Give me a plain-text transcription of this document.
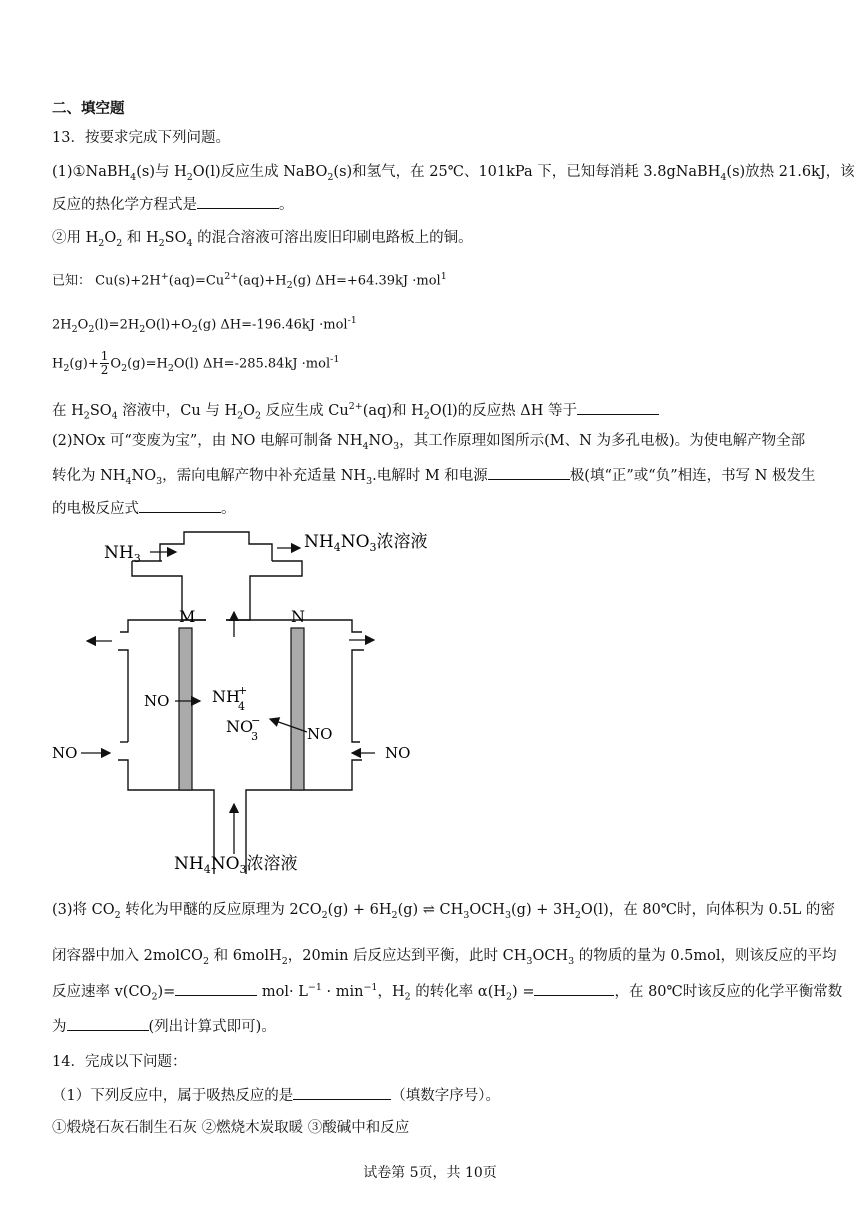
二、填空题
13．按要求完成下列问题。
(1)①NaBH$_4$(s)与 $H_2O(l)$反应生成 NaBO$_2$(s)和氢气，在 25℃、101kPa 下，已知每消耗 3.8gNaBH$_4$(s)放热 21.6kJ，该
反应的热化学方程式是	。
②用 $H_2O_2$ 和 $H_2SO_4$ 的混合溶液可溶出废旧印刷电路板上的铜。
已知： $Cu(s)+2H^+(aq)=Cu^{2+}(aq)+H_2(g)$ ΔH=+64.39kJ ·mol$^1$
$2H_2O_2(l)=2H_2O(l)+O_2(g)$ ΔH=-196.46kJ ·mol$^{-1}$
$H_2(g)+ \frac{1}{2} O_2(g)=H_2O(l)$ ΔH=-285.84kJ ·mol$^{-1}$
在 $H_2SO_4$ 溶液中，Cu 与 $H_2O_2$ 反应生成 $Cu^{2+}(aq)$和 $H_2O(l)$的反应热 ΔH 等于
(2)NOx 可“变废为宝”，由 NO 电解可制备 $NH_4NO_3$，其工作原理如图所示(M、N 为多孔电极)。为使电解产物全部
转化为 $NH_4NO_3$，需向电解产物中补充适量 $NH_3$.电解时 M 和电源	极(填“正”或“负”相连，书写 N 极发生
的电极反应式	。
$NH_3$
$NH_4NO_3$浓溶液
M	N
NO	NH 4+
NO 3−
NO
NO	NO
$NH_4NO_3$浓溶液
(3)将 $CO_2$ 转化为甲醚的反应原理为 $2CO_2(g) + 6H_2(g)$ ⇌ $CH_3OCH_3(g) + 3H_2O(l)$，在 80℃时，向体积为 0.5L 的密
闭容器中加入 2molCO$_2$ 和 6molH$_2$，20min 后反应达到平衡，此时 $CH_3OCH_3$ 的物质的量为 0.5mol，则该反应的平均
反应速率 $v(CO_2)=$	$mol\cdot L^{-1} \cdot \min^{-1}$，$H_2$ 的转化率 $\alpha(H_2)$ =	，在 80℃时该反应的化学平衡常数
为	(列出计算式即可)。
14．完成以下问题：
（1）下列反应中，属于吸热反应的是	（填数字序号）。
①煅烧石灰石制生石灰 ②燃烧木炭取暖 ③酸碱中和反应
试卷第 5页，共 10页
